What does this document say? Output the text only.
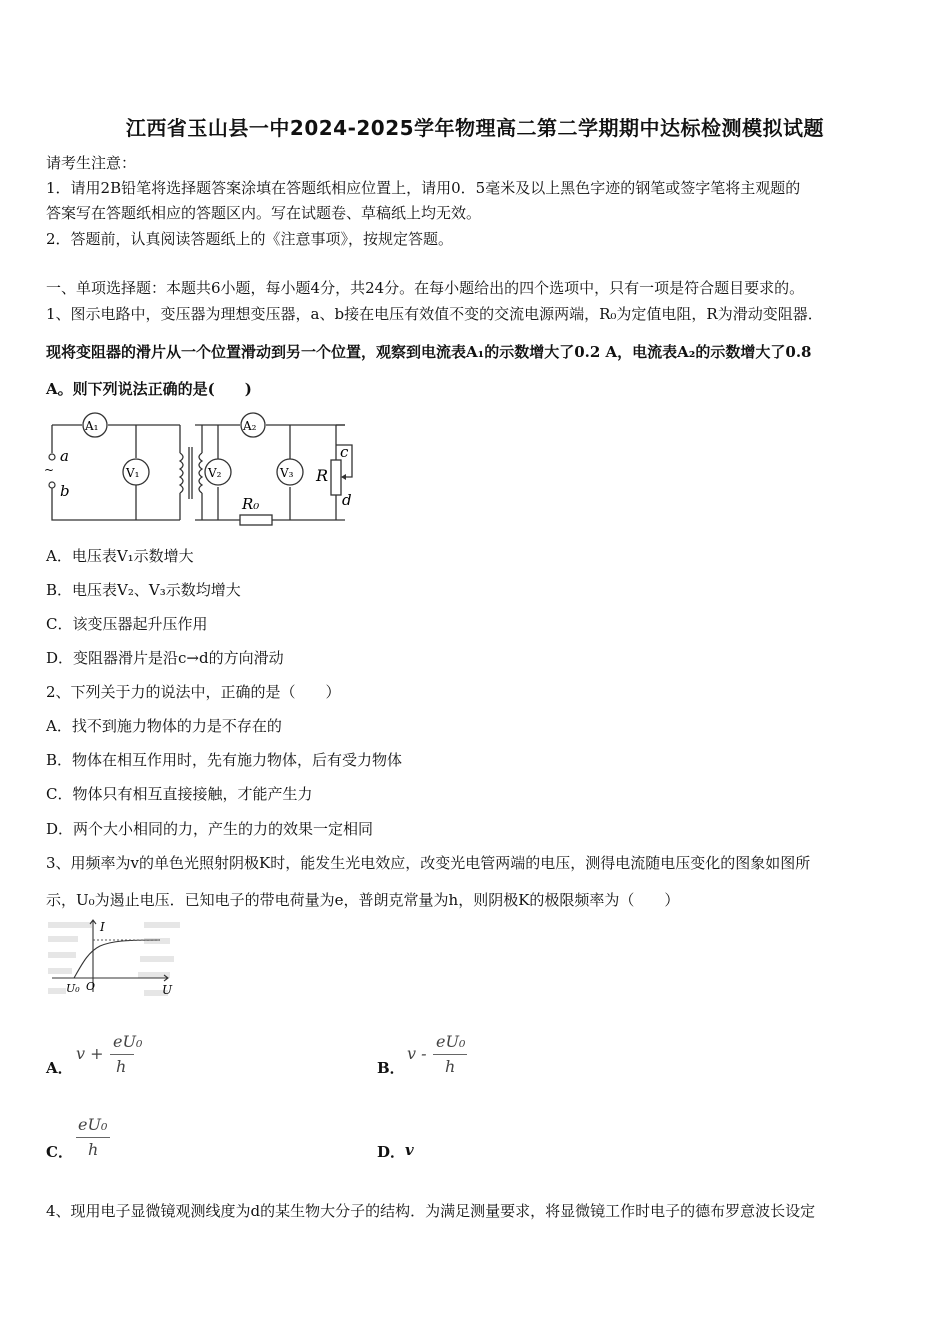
江西省玉山县一中2024-2025学年物理高二第二学期期中达标检测模拟试题
请考生注意：
1．请用2B铅笔将选择题答案涂填在答题纸相应位置上，请用0．5毫米及以上黑色字迹的钢笔或签字笔将主观题的
答案写在答题纸相应的答题区内。写在试题卷、草稿纸上均无效。
2．答题前，认真阅读答题纸上的《注意事项》，按规定答题。
一、单项选择题：本题共6小题，每小题4分，共24分。在每小题给出的四个选项中，只有一项是符合题目要求的。
1、图示电路中，变压器为理想变压器，a、b接在电压有效值不变的交流电源两端，R₀为定值电阻，R为滑动变阻器．
现将变阻器的滑片从一个位置滑动到另一个位置，观察到电流表A₁的示数增大了0.2 A，电流表A₂的示数增大了0.8
A。则下列说法正确的是(　　)
~
a
b
A₁	A₂
V₁	V₂	V₃
R₀
R
c
d
A．电压表V₁示数增大
B．电压表V₂、V₃示数均增大
C．该变压器起升压作用
D．变阻器滑片是沿c→d的方向滑动
2、下列关于力的说法中，正确的是（　　）
A．找不到施力物体的力是不存在的
B．物体在相互作用时，先有施力物体，后有受力物体
C．物体只有相互直接接触，才能产生力
D．两个大小相同的力，产生的力的效果一定相同
3、用频率为v的单色光照射阴极K时，能发生光电效应，改变光电管两端的电压，测得电流随电压变化的图象如图所
示，U₀为遏止电压．已知电子的带电荷量为e，普朗克常量为h，则阴极K的极限频率为（　　）
I
U
U₀ O
A．
v +
eU₀
h	B．
v -
eU₀
h
C．
eU₀
h	D． v
4、现用电子显微镜观测线度为d的某生物大分子的结构．为满足测量要求，将显微镜工作时电子的德布罗意波长设定
